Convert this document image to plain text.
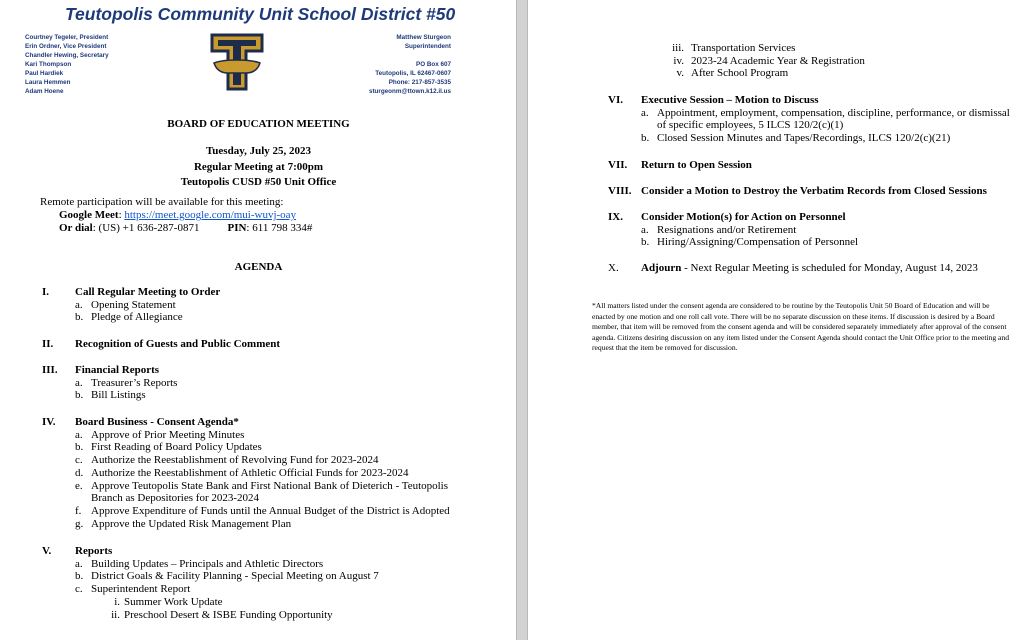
Teutopolis Community Unit School District #50
Courtney Tegeler, President
Erin Ordner, Vice President
Chandler Hewing, Secretary
Kari Thompson
Paul Hardiek
Laura Hemmen
Adam Hoene
Matthew Sturgeon
Superintendent
PO Box 607
Teutopolis, IL 62467-0607
Phone: 217-857-3535
sturgeonm@ttown.k12.il.us
BOARD OF EDUCATION MEETING
Tuesday, July 25, 2023
Regular Meeting at 7:00pm
Teutopolis CUSD #50 Unit Office
Remote participation will be available for this meeting:
Google Meet: https://meet.google.com/mui-wuvj-oay
Or dial: (US) +1 636-287-0871	PIN: 611 798 334#
AGENDA
I.	Call Regular Meeting to Order
a. Opening Statement
b. Pledge of Allegiance
II.	Recognition of Guests and Public Comment
III.	Financial Reports
a. Treasurer’s Reports
b. Bill Listings
IV.	Board Business - Consent Agenda*
a. Approve of Prior Meeting Minutes
b. First Reading of Board Policy Updates
c. Authorize the Reestablishment of Revolving Fund for 2023-2024
d. Authorize the Reestablishment of Athletic Official Funds for 2023-2024
e. Approve Teutopolis State Bank and First National Bank of Dieterich - Teutopolis
Branch as Depositories for 2023-2024
f. Approve Expenditure of Funds until the Annual Budget of the District is Adopted
g. Approve the Updated Risk Management Plan
V.	Reports
a. Building Updates – Principals and Athletic Directors
b. District Goals & Facility Planning - Special Meeting on August 7
c. Superintendent Report
i. Summer Work Update
ii. Preschool Desert & ISBE Funding Opportunity
iii. Transportation Services
iv. 2023-24 Academic Year & Registration
v. After School Program
VI.	Executive Session – Motion to Discuss
a. Appointment, employment, compensation, discipline, performance, or dismissal
of specific employees, 5 ILCS 120/2(c)(1)
b. Closed Session Minutes and Tapes/Recordings, ILCS 120/2(c)(21)
VII.	Return to Open Session
VIII. Consider a Motion to Destroy the Verbatim Records from Closed Sessions
IX.	Consider Motion(s) for Action on Personnel
a. Resignations and/or Retirement
b. Hiring/Assigning/Compensation of Personnel
X.	Adjourn - Next Regular Meeting is scheduled for Monday, August 14, 2023
*All matters listed under the consent agenda are considered to be routine by the Teutopolis Unit 50 Board of Education and will be enacted by one motion and one roll call vote. There will be no separate discussion on these items. If discussion is desired by a Board member, that item will be removed from the consent agenda and will be considered separately immediately after approval of the consent agenda. Citizens desiring discussion on any item listed under the Consent Agenda should contact the Unit Office prior to the meeting and request that the item be removed for discussion.
